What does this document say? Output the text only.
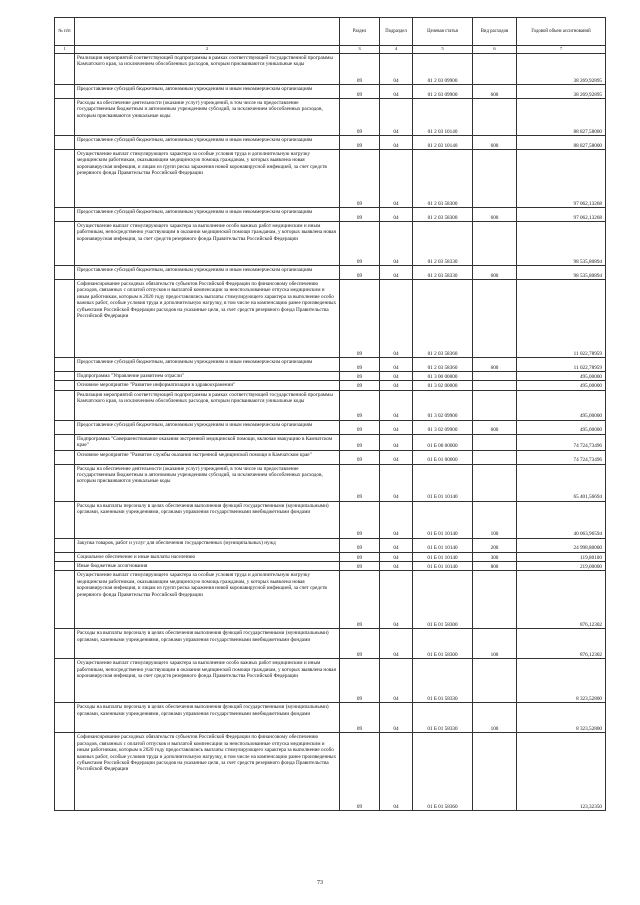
№ п/п		Раздел	Подраздел	Целевая статья	Вид расходов	Годовой объем ассигнований
1	2	3	4	5	6	7
	Реализация мероприятий соответствующей подпрограммы в рамках соответствующей государственной программы Камчатского края, за исключением обособленных расходов, которым присваиваются уникальные коды	09	04	01 2 03 09900		38 269,92895
	Предоставление субсидий бюджетным, автономным учреждениям и иным некоммерческим организациям	09	04	01 2 03 09900	600	38 269,92895
	Расходы на обеспечение деятельности (оказание услуг) учреждений, в том числе на предоставление государственным бюджетным и автономным учреждениям субсидий, за исключением обособленных расходов, которым присваиваются уникальные коды	09	04	01 2 03 10140		88 827,58000
	Предоставление субсидий бюджетным, автономным учреждениям и иным некоммерческим организациям	09	04	01 2 03 10140	600	88 827,58000
	Осуществление выплат стимулирующего характера за особые условия труда и дополнительную нагрузку медицинским работникам, оказывающим медицинскую помощь гражданам, у которых выявлена новая коронавирусная инфекция, и лицам из групп риска заражения новой коронавирусной инфекцией, за счет средств резервного фонда Правительства Российской Федерации	09	04	01 2 03 58300		97 062,13268
	Предоставление субсидий бюджетным, автономным учреждениям и иным некоммерческим организациям	09	04	01 2 03 58300	600	97 062,13268
	Осуществление выплат стимулирующего характера за выполнение особо важных работ медицинским и иным работникам, непосредственно участвующим в оказании медицинской помощи гражданам, у которых выявлена новая коронавирусная инфекция, за счет средств резервного фонда Правительства Российской Федерации	09	04	01 2 03 58330		98 535,80894
	Предоставление субсидий бюджетным, автономным учреждениям и иным некоммерческим организациям	09	04	01 2 03 58330	600	98 535,80894
	Софинансирование расходных обязательств субъектов Российской Федерации по финансовому обеспечению расходов, связанных с оплатой отпусков и выплатой компенсации за неиспользованные отпуска медицинским и иным работникам, которым в 2020 году предоставлялись выплаты стимулирующего характера за выполнение особо важных работ, особые условия труда и дополнительную нагрузку, в том числе на компенсацию ранее произведенных субъектами Российской Федерации расходов на указанные цели, за счет средств резервного фонда Правительства Российской Федерации	09	04	01 2 03 58360		11 022,78959
	Предоставление субсидий бюджетным, автономным учреждениям и иным некоммерческим организациям	09	04	01 2 03 58360	600	11 022,78959
	Подпрограмма "Управление развитием отрасли"	09	04	01 3 00 00000		495,00000
	Основное мероприятие "Развитие информатизации в здравоохранении"	09	04	01 3 02 00000		495,00000
	Реализация мероприятий соответствующей подпрограммы в рамках соответствующей государственной программы Камчатского края, за исключением обособленных расходов, которым присваиваются уникальные коды	09	04	01 3 02 09900		495,00000
	Предоставление субсидий бюджетным, автономным учреждениям и иным некоммерческим организациям	09	04	01 3 02 09900	600	495,00000
	Подпрограмма "Совершенствование оказания экстренной медицинской помощи, включая эвакуацию в Камчатском крае"	09	04	01 Б 00 00000		74 724,73496
	Основное мероприятие "Развитие службы оказания экстренной медицинской помощи в Камчатском крае"	09	04	01 Б 01 00000		74 724,73496
	Расходы на обеспечение деятельности (оказание услуг) учреждений, в том числе на предоставление государственным бюджетным и автономным учреждениям субсидий, за исключением обособленных расходов, которым присваиваются уникальные коды	09	04	01 Б 01 10140		65 401,56694
	Расходы на выплаты персоналу в целях обеспечения выполнения функций государственными (муниципальными) органами, казенными учреждениями, органами управления государственными внебюджетными фондами	09	04	01 Б 01 10140	100	40 063,96594
	Закупка товаров, работ и услуг для обеспечения государственных (муниципальных) нужд	09	04	01 Б 01 10140	200	24 998,80000
	Социальное обеспечение и иные выплаты населению	09	04	01 Б 01 10140	300	119,80100
	Иные бюджетные ассигнования	09	04	01 Б 01 10140	800	219,00000
	Осуществление выплат стимулирующего характера за особые условия труда и дополнительную нагрузку медицинским работникам, оказывающим медицинскую помощь гражданам, у которых выявлена новая коронавирусная инфекция, и лицам из групп риска заражения новой коронавирусной инфекцией, за счет средств резервного фонда Правительства Российской Федерации	09	04	01 Б 01 58300		876,12302
	Расходы на выплаты персоналу в целях обеспечения выполнения функций государственными (муниципальными) органами, казенными учреждениями, органами управления государственными внебюджетными фондами	09	04	01 Б 01 58300	100	876,12302
	Осуществление выплат стимулирующего характера за выполнение особо важных работ медицинским и иным работникам, непосредственно участвующим в оказании медицинской помощи гражданам, у которых выявлена новая коронавирусная инфекция, за счет средств резервного фонда Правительства Российской Федерации	09	04	01 Б 01 58330		8 323,52800
	Расходы на выплаты персоналу в целях обеспечения выполнения функций государственными (муниципальными) органами, казенными учреждениями, органами управления государственными внебюджетными фондами	09	04	01 Б 01 58330	100	8 323,52800
	Софинансирование расходных обязательств субъектов Российской Федерации по финансовому обеспечению расходов, связанных с оплатой отпусков и выплатой компенсации за неиспользованные отпуска медицинским и иным работникам, которым в 2020 году предоставлялись выплаты стимулирующего характера за выполнение особо важных работ, особые условия труда и дополнительную нагрузку, в том числе на компенсацию ранее произведенных субъектами Российской Федерации расходов на указанные цели, за счет средств резервного фонда Правительства Российской Федерации	09	04	01 Б 01 58360		123,32350
73
